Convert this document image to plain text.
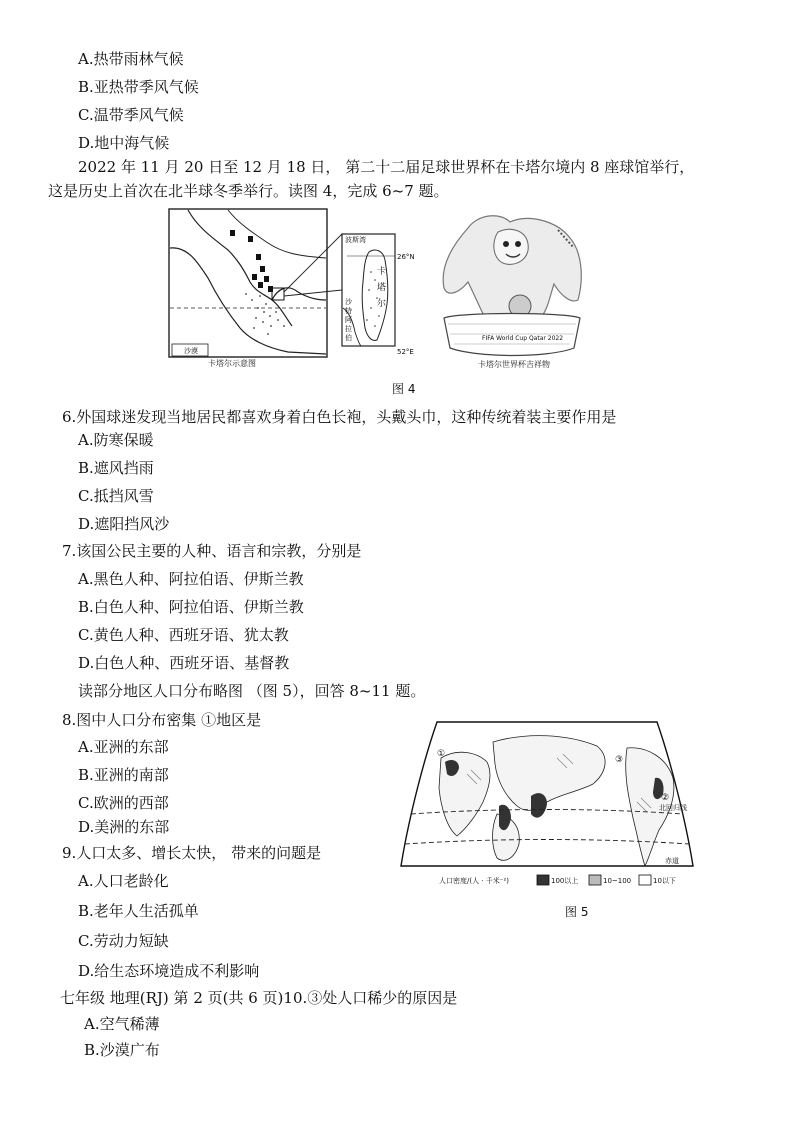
A.热带雨林气候
B.亚热带季风气候
C.温带季风气候
D.地中海气候
2022 年 11 月 20 日至 12 月 18 日， 第二十二届足球世界杯在卡塔尔境内 8 座球馆举行，
这是历史上首次在北半球冬季举行。读图 4，完成 6~7 题。
沙漠
卡塔尔示意图
波斯湾
26°N
卡
塔
尔
沙
特
阿
拉
伯
52°E
FIFA World Cup Qatar 2022
卡塔尔世界杯吉祥物
图 4
6.外国球迷发现当地居民都喜欢身着白色长袍，头戴头巾，这种传统着装主要作用是
A.防寒保暖
B.遮风挡雨
C.抵挡风雪
D.遮阳挡风沙
7.该国公民主要的人种、语言和宗教，分别是
A.黑色人种、阿拉伯语、伊斯兰教
B.白色人种、阿拉伯语、伊斯兰教
C.黄色人种、西班牙语、犹太教
D.白色人种、西班牙语、基督教
读部分地区人口分布略图 （图 5），回答 8~11 题。
8.图中人口分布密集 ①地区是
A.亚洲的东部
B.亚洲的南部
C.欧洲的西部
D.美洲的东部
北回归线
赤道
①
②
③
人口密度/(人 · 千米⁻²)	100以上	10~100	10以下
图 5
9.人口太多、增长太快， 带来的问题是
A.人口老龄化
B.老年人生活孤单
C.劳动力短缺
D.给生态环境造成不利影响
七年级 地理(RJ) 第 2 页(共 6 页)10.③处人口稀少的原因是
A.空气稀薄
B.沙漠广布
